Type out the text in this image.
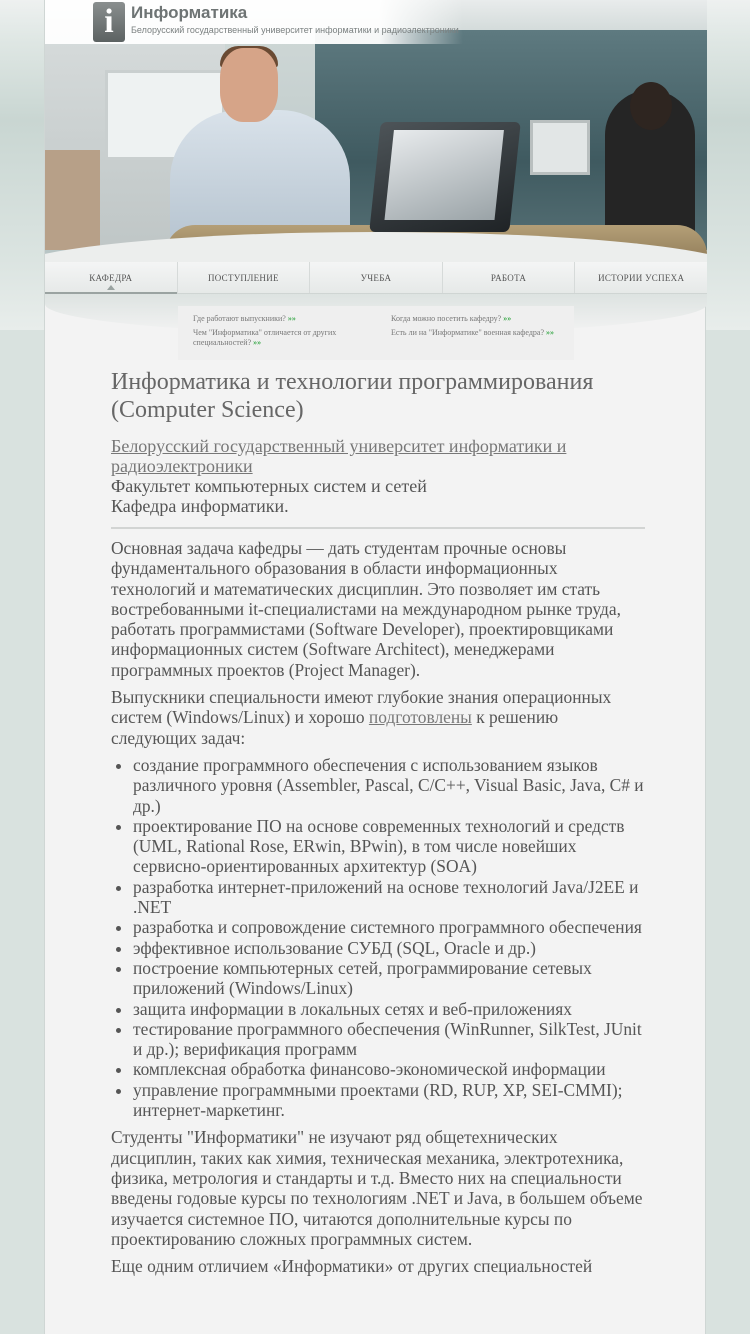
i	Информатика
Белорусский государственный университет информатики и радиоэлектроники
КАФЕДРА	ПОСТУПЛЕНИЕ	УЧЕБА	РАБОТА	ИСТОРИИ УСПЕХА
Где работают выпускники? »»
Чем "Информатика" отличается от других специальностей? »»
Когда можно посетить кафедру? »»
Есть ли на "Информатике" военная кафедра? »»
Информатика и технологии программирования (Computer Science)
Белорусский государственный университет информатики и радиоэлектроники
Факультет компьютерных систем и сетей
Кафедра информатики.

Основная задача кафедры — дать студентам прочные основы фундаментального образования в области информационных технологий и математических дисциплин. Это позволяет им стать востребованными it-специалистами на международном рынке труда, работать программистами (Software Developer), проектировщиками информационных систем (Software Architect), менеджерами программных проектов (Project Manager).

Выпускники специальности имеют глубокие знания операционных систем (Windows/Linux) и хорошо подготовлены к решению следующих задач:

• создание программного обеспечения с использованием языков различного уровня (Assembler, Pascal, C/C++, Visual Basic, Java, C# и др.)
• проектирование ПО на основе современных технологий и средств (UML, Rational Rose, ERwin, BPwin), в том числе новейших сервисно-ориентированных архитектур (SOA)
• разработка интернет-приложений на основе технологий Java/J2EE и .NET
• разработка и сопровождение системного программного обеспечения
• эффективное использование СУБД (SQL, Oracle и др.)
• построение компьютерных сетей, программирование сетевых приложений (Windows/Linux)
• защита информации в локальных сетях и веб-приложениях
• тестирование программного обеспечения (WinRunner, SilkTest, JUnit и др.); верификация программ
• комплексная обработка финансово-экономической информации
• управление программными проектами (RD, RUP, XP, SEI-CMMI); интернет-маркетинг.

Студенты "Информатики" не изучают ряд общетехнических дисциплин, таких как химия, техническая механика, электротехника, физика, метрология и стандарты и т.д. Вместо них на специальности введены годовые курсы по технологиям .NET и Java, в большем объеме изучается системное ПО, читаются дополнительные курсы по проектированию сложных программных систем.

Еще одним отличием «Информатики» от других специальностей
